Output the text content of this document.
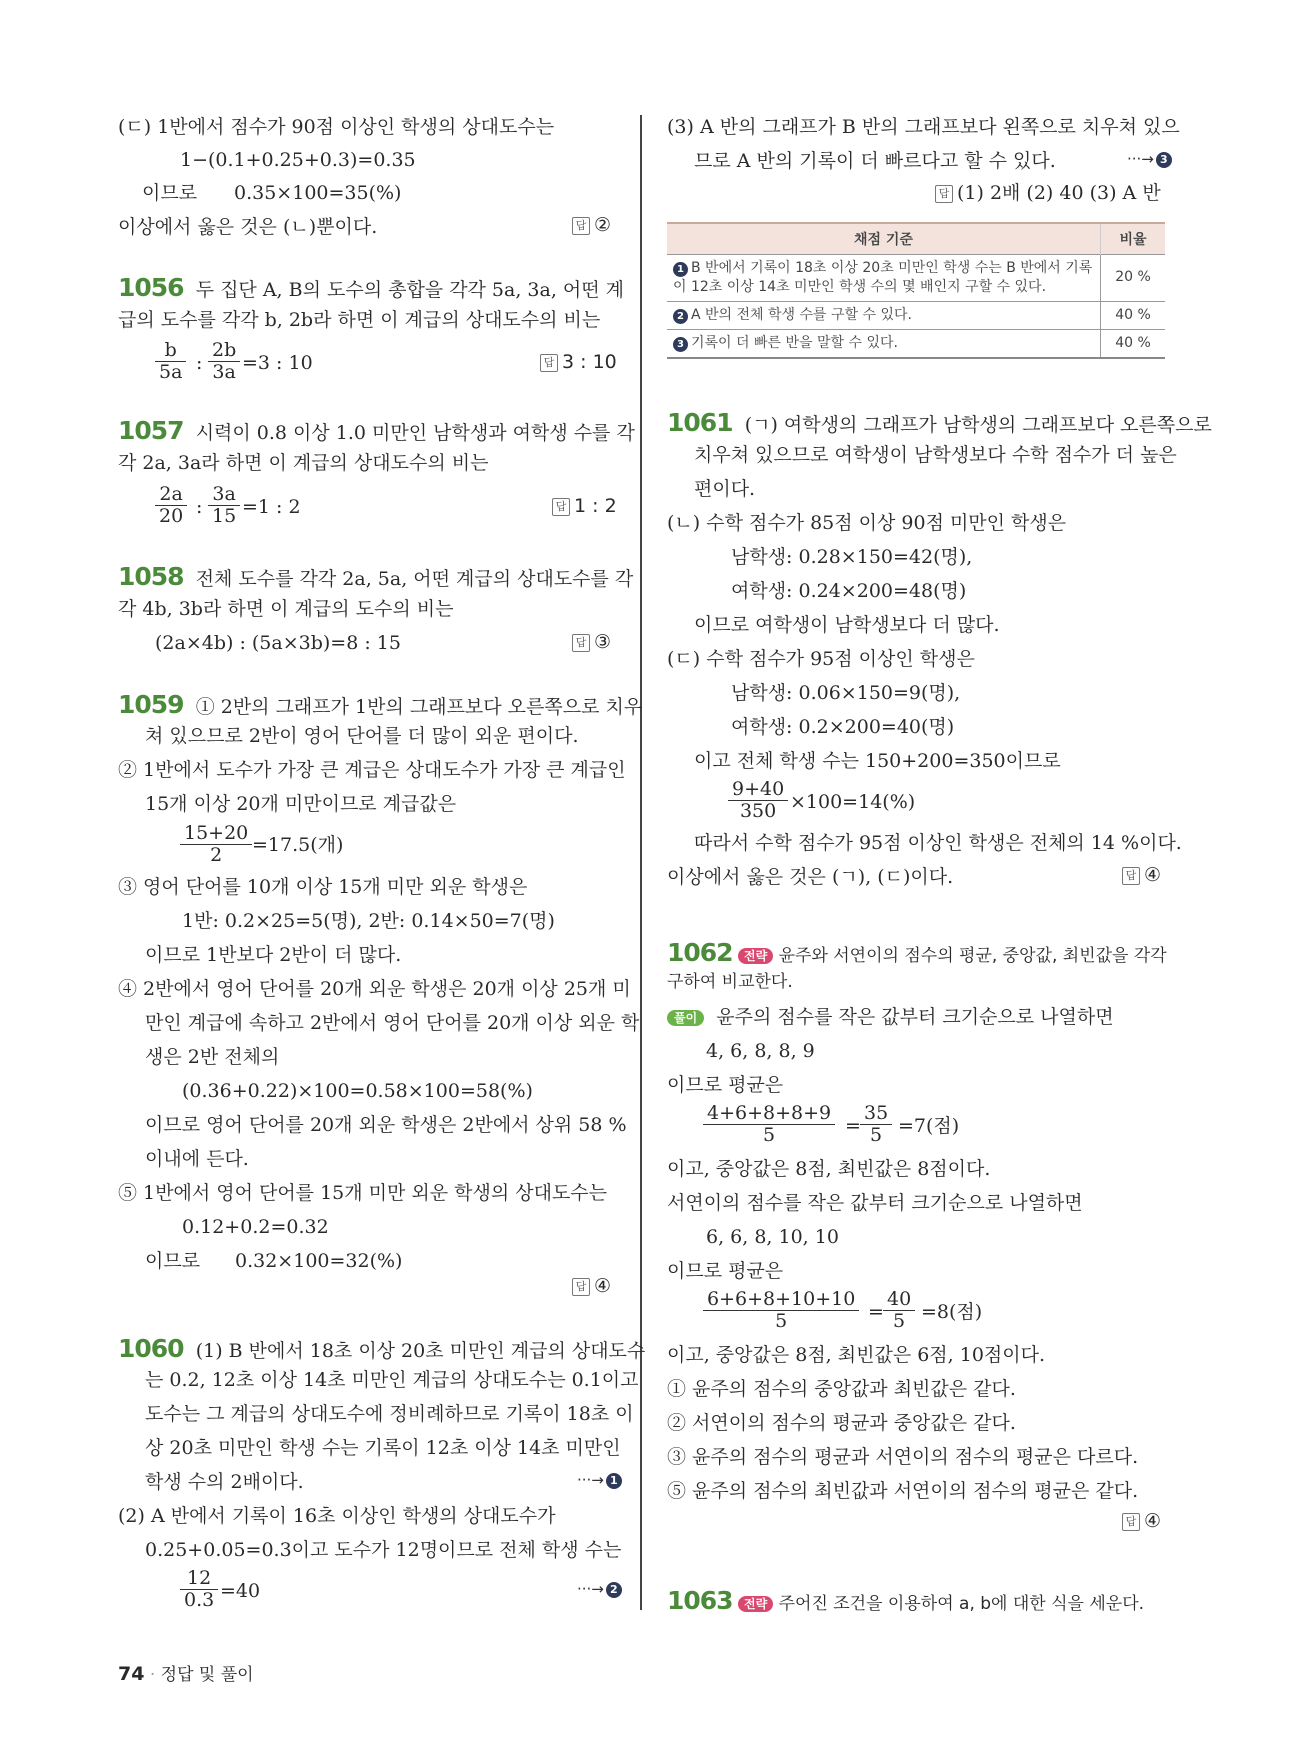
(ㄷ) 1반에서 점수가 90점 이상인 학생의 상대도수는
1−(0.1+0.25+0.3)=0.35
이므로 0.35×100=35(%)
이상에서 옳은 것은 (ㄴ)뿐이다.	답 ②
1056 두 집단 A, B의 도수의 총합을 각각 5a, 3a, 어떤 계
급의 도수를 각각 b, 2b라 하면 이 계급의 상대도수의 비는
$\frac{b}{5a}$ : $\frac{2b}{3a} =3$ : 10	답 3 : 10
1057 시력이 0.8 이상 1.0 미만인 남학생과 여학생 수를 각
각 2a, 3a라 하면 이 계급의 상대도수의 비는
$\frac{2a}{20}$ : $\frac{3a}{15} =1$ : 2	답 1 : 2
1058 전체 도수를 각각 2a, 5a, 어떤 계급의 상대도수를 각
각 4b, 3b라 하면 이 계급의 도수의 비는
(2a×4b) : (5a×3b)=8 : 15	답 ③
1059 ① 2반의 그래프가 1반의 그래프보다 오른쪽으로 치우
쳐 있으므로 2반이 영어 단어를 더 많이 외운 편이다.
② 1반에서 도수가 가장 큰 계급은 상대도수가 가장 큰 계급인
15개 이상 20개 미만이므로 계급값은
$\frac{15+20}{2} =17.5$(개)
③ 영어 단어를 10개 이상 15개 미만 외운 학생은
1반: 0.2×25=5(명), 2반: 0.14×50=7(명)
이므로 1반보다 2반이 더 많다.
④ 2반에서 영어 단어를 20개 외운 학생은 20개 이상 25개 미
만인 계급에 속하고 2반에서 영어 단어를 20개 이상 외운 학
생은 2반 전체의
(0.36+0.22)×100=0.58×100=58(%)
이므로 영어 단어를 20개 외운 학생은 2반에서 상위 58 %
이내에 든다.
⑤ 1반에서 영어 단어를 15개 미만 외운 학생의 상대도수는
0.12+0.2=0.32
이므로 0.32×100=32(%)
답 ④
1060 (1) B 반에서 18초 이상 20초 미만인 계급의 상대도수
는 0.2, 12초 이상 14초 미만인 계급의 상대도수는 0.1이고
도수는 그 계급의 상대도수에 정비례하므로 기록이 18초 이
상 20초 미만인 학생 수는 기록이 12초 이상 14초 미만인
학생 수의 2배이다.	···→ 1
(2) A 반에서 기록이 16초 이상인 학생의 상대도수가
0.25+0.05=0.3이고 도수가 12명이므로 전체 학생 수는
$\frac{12}{0.3} =40$	···→ 2
(3) A 반의 그래프가 B 반의 그래프보다 왼쪽으로 치우쳐 있으
므로 A 반의 기록이 더 빠르다고 할 수 있다.	···→ 3
답 (1) 2배 (2) 40 (3) A 반
채점 기준	비율
1 B 반에서 기록이 18초 이상 20초 미만인 학생 수는 B 반에서 기록이 12초 이상 14초 미만인 학생 수의 몇 배인지 구할 수 있다.	20 %
2 A 반의 전체 학생 수를 구할 수 있다.	40 %
3 기록이 더 빠른 반을 말할 수 있다.	40 %
1061 (ㄱ) 여학생의 그래프가 남학생의 그래프보다 오른쪽으로
치우쳐 있으므로 여학생이 남학생보다 수학 점수가 더 높은
편이다.
(ㄴ) 수학 점수가 85점 이상 90점 미만인 학생은
남학생: 0.28×150=42(명),
여학생: 0.24×200=48(명)
이므로 여학생이 남학생보다 더 많다.
(ㄷ) 수학 점수가 95점 이상인 학생은
남학생: 0.06×150=9(명),
여학생: 0.2×200=40(명)
이고 전체 학생 수는 150+200=350이므로
$\frac{9+40}{350} \times 100=14(\%)$
따라서 수학 점수가 95점 이상인 학생은 전체의 14 %이다.
이상에서 옳은 것은 (ㄱ), (ㄷ)이다.	답 ④
1062 전략 윤주와 서연이의 점수의 평균, 중앙값, 최빈값을 각각
구하여 비교한다.
풀이 윤주의 점수를 작은 값부터 크기순으로 나열하면
4, 6, 8, 8, 9
이므로 평균은
$\frac{4+6+8+8+9}{5} = \frac{35}{5} =7$(점)
이고, 중앙값은 8점, 최빈값은 8점이다.
서연이의 점수를 작은 값부터 크기순으로 나열하면
6, 6, 8, 10, 10
이므로 평균은
$\frac{6+6+8+10+10}{5} = \frac{40}{5} =8$(점)
이고, 중앙값은 8점, 최빈값은 6점, 10점이다.
① 윤주의 점수의 중앙값과 최빈값은 같다.
② 서연이의 점수의 평균과 중앙값은 같다.
③ 윤주의 점수의 평균과 서연이의 점수의 평균은 다르다.
⑤ 윤주의 점수의 최빈값과 서연이의 점수의 평균은 같다.
답 ④
1063 전략 주어진 조건을 이용하여 a, b에 대한 식을 세운다.
74 · 정답 및 풀이
